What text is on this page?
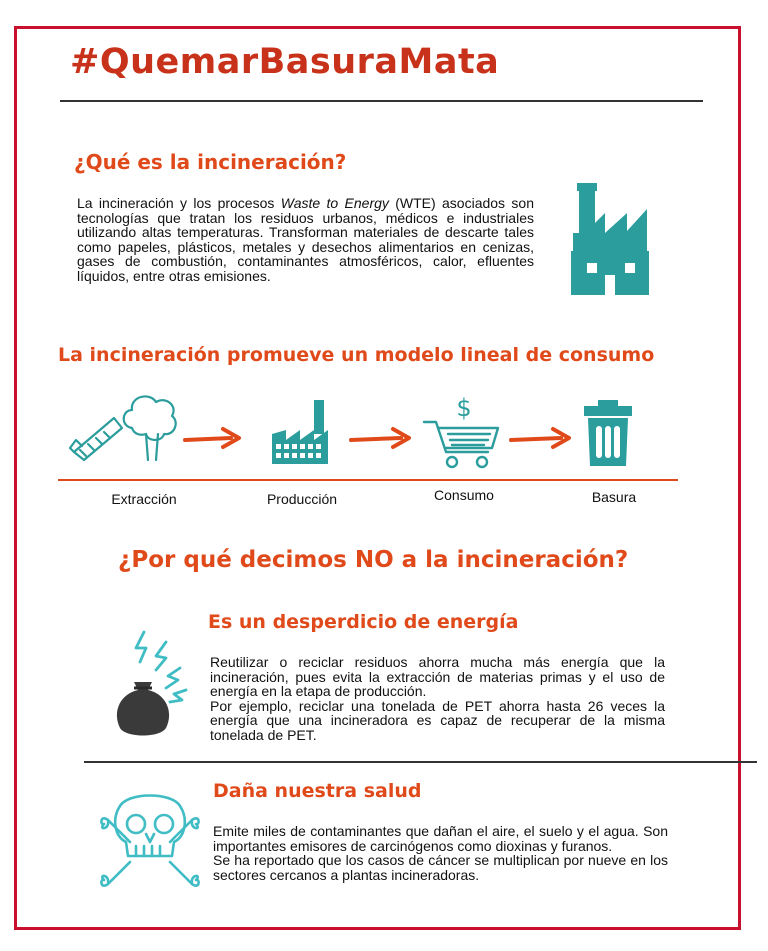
#QuemarBasuraMata
¿Qué es la incineración?
La incineración y los procesos Waste to Energy (WTE) asociados son tecnologías que tratan los residuos urbanos, médicos e industriales utilizando altas temperaturas. Transforman materiales de descarte tales como papeles, plásticos, metales y desechos alimentarios en cenizas, gases de combustión, contaminantes atmosféricos, calor, efluentes líquidos, entre otras emisiones.
La incineración promueve un modelo lineal de consumo
$
Extracción	Producción	Consumo	Basura
¿Por qué decimos NO a la incineración?
Es un desperdicio de energía

Reutilizar o reciclar residuos ahorra mucha más energía que la incineración, pues evita la extracción de materias primas y el uso de energía en la etapa de producción.

Por ejemplo, reciclar una tonelada de PET ahorra hasta 26 veces la energía que una incineradora es capaz de recuperar de la misma tonelada de PET.

Daña nuestra salud

Emite miles de contaminantes que dañan el aire, el suelo y el agua. Son importantes emisores de carcinógenos como dioxinas y furanos.

Se ha reportado que los casos de cáncer se multiplican por nueve en los sectores cercanos a plantas incineradoras.
